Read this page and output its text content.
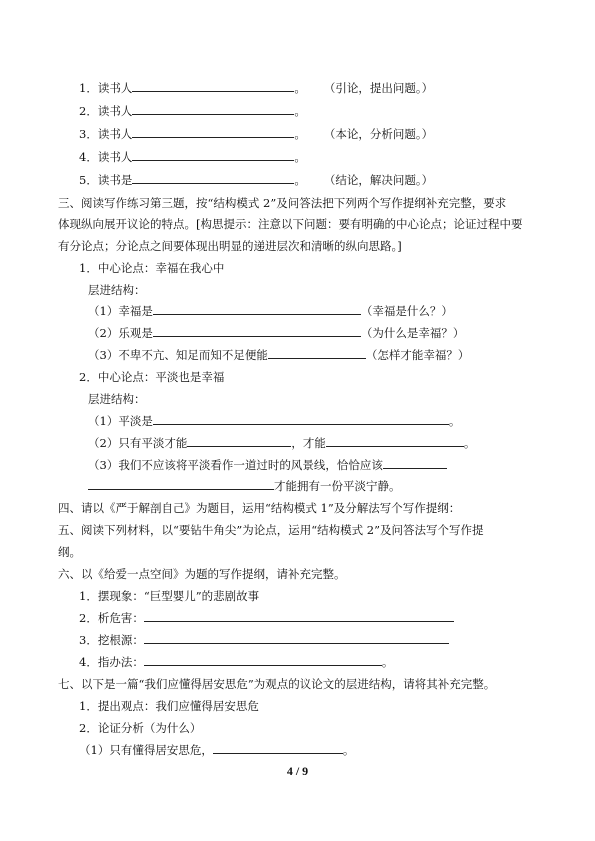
1．读书人	。 （引论，提出问题。）
2．读书人	。
3．读书人	。 （本论，分析问题。）
4．读书人	。
5．读书是	。 （结论，解决问题。）
三、阅读写作练习第三题，按“结构模式 2”及问答法把下列两个写作提纲补充完整，要求
体现纵向展开议论的特点。[构思提示：注意以下问题：要有明确的中心论点；论证过程中要
有分论点；分论点之间要体现出明显的递进层次和清晰的纵向思路。]
1．中心论点：幸福在我心中
层进结构：
（1）幸福是	（幸福是什么？）
（2）乐观是	（为什么是幸福？）
（3）不卑不亢、知足而知不足便能	（怎样才能幸福？）
2．中心论点：平淡也是幸福
层进结构：
（1）平淡是	。
（2）只有平淡才能	，才能	。
（3）我们不应该将平淡看作一道过时的风景线，恰恰应该
才能拥有一份平淡宁静。
四、请以《严于解剖自己》为题目，运用“结构模式 1”及分解法写个写作提纲：
五、阅读下列材料，以“要钻牛角尖”为论点，运用“结构模式 2”及问答法写个写作提
纲。
六、以《给爱一点空间》为题的写作提纲，请补充完整。
1．摆现象：“巨型婴儿”的悲剧故事
2．析危害：
3．挖根源：
4．指办法：	。
七、以下是一篇“我们应懂得居安思危”为观点的议论文的层进结构，请将其补充完整。
1．提出观点：我们应懂得居安思危
2．论证分析（为什么）
（1）只有懂得居安思危，	。
4 / 9
